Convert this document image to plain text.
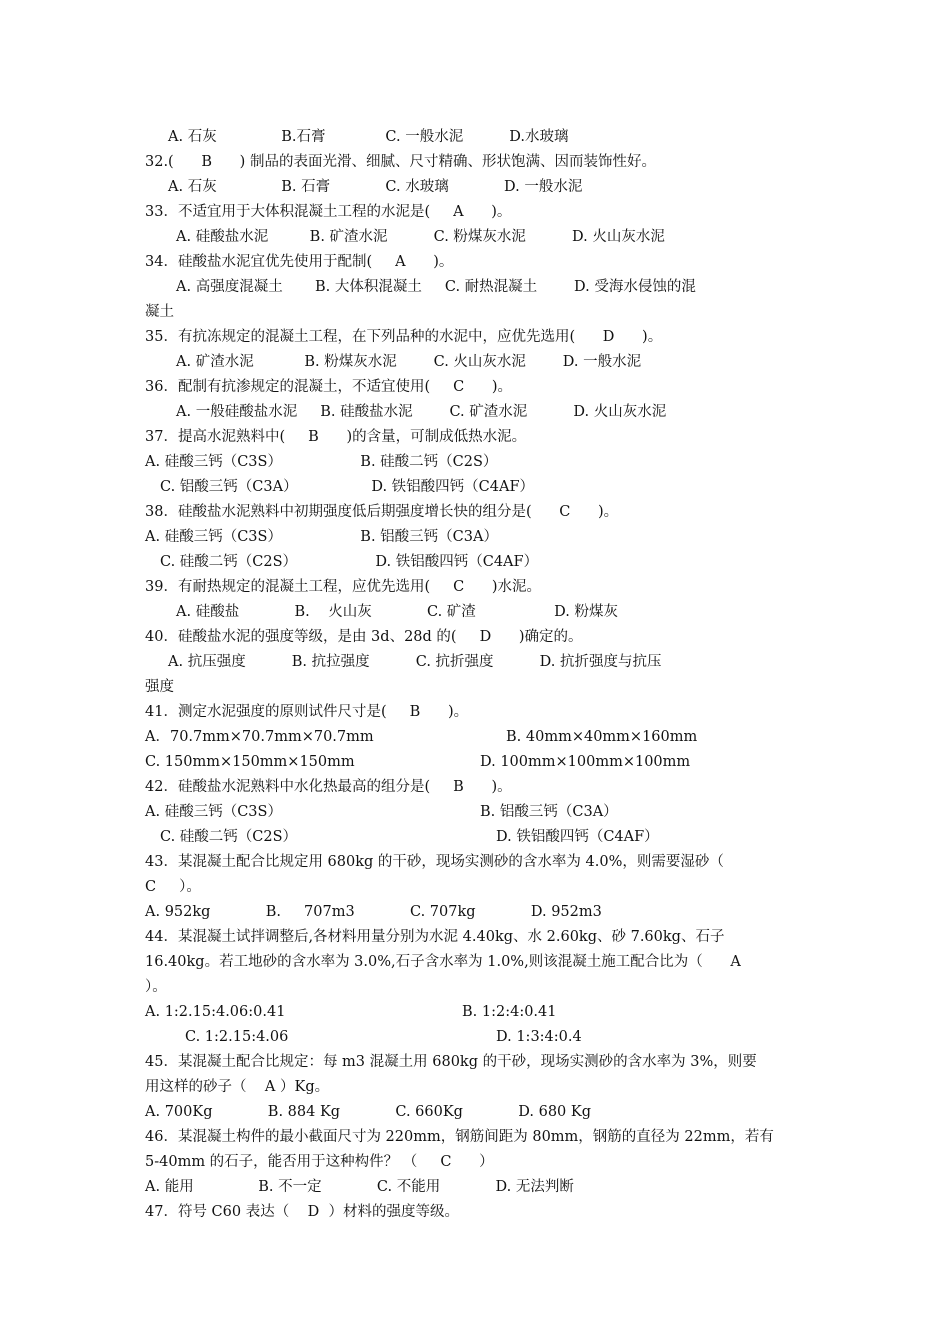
A. 石灰              B.石膏             C. 一般水泥          D.水玻璃

32.(      B      ) 制品的表面光滑、细腻、尺寸精确、形状饱满、因而装饰性好。

A. 石灰              B. 石膏            C. 水玻璃            D. 一般水泥

33．不适宜用于大体积混凝土工程的水泥是(     A      )。

A. 硅酸盐水泥         B. 矿渣水泥          C. 粉煤灰水泥          D. 火山灰水泥

34．硅酸盐水泥宜优先使用于配制(     A      )。

A. 高强度混凝土       B. 大体积混凝土     C. 耐热混凝土        D. 受海水侵蚀的混

凝土

35．有抗冻规定的混凝土工程，在下列品种的水泥中，应优先选用(      D      )。

A. 矿渣水泥           B. 粉煤灰水泥        C. 火山灰水泥        D. 一般水泥

36．配制有抗渗规定的混凝土，不适宜使用(     C      )。

A. 一般硅酸盐水泥     B. 硅酸盐水泥        C. 矿渣水泥          D. 火山灰水泥

37．提高水泥熟料中(     B      )的含量，可制成低热水泥。

A. 硅酸三钙（C3S）                 B. 硅酸二钙（C2S）

C. 铝酸三钙（C3A）                D. 铁铝酸四钙（C4AF）

38．硅酸盐水泥熟料中初期强度低后期强度增长快的组分是(      C      )。

A. 硅酸三钙（C3S）                 B. 铝酸三钙（C3A）

C. 硅酸二钙（C2S）                 D. 铁铝酸四钙（C4AF）

39．有耐热规定的混凝土工程，应优先选用(     C      )水泥。

A. 硅酸盐            B.    火山灰            C. 矿渣                 D. 粉煤灰

40．硅酸盐水泥的强度等级，是由 3d、28d 的(     D      )确定的。

A. 抗压强度          B. 抗拉强度          C. 抗折强度          D. 抗折强度与抗压

强度

41．测定水泥强度的原则试件尺寸是(     B      )。

A．70.7mm×70.7mm×70.7mm	B. 40mm×40mm×160mm

C. 150mm×150mm×150mm	D. 100mm×100mm×100mm

42．硅酸盐水泥熟料中水化热最高的组分是(     B      )。

A. 硅酸三钙（C3S）	B. 铝酸三钙（C3A）

C. 硅酸二钙（C2S）	D. 铁铝酸四钙（C4AF）

43．某混凝土配合比规定用 680kg 的干砂，现场实测砂的含水率为 4.0%，则需要湿砂（

C     ）。

A. 952kg            B.     707m3            C. 707kg            D. 952m3

44．某混凝土试拌调整后,各材料用量分别为水泥 4.40kg、水 2.60kg、砂 7.60kg、石子

16.40kg。若工地砂的含水率为 3.0%,石子含水率为 1.0%,则该混凝土施工配合比为（      A

）。

A. 1:2.15:4.06:0.41	B. 1:2:4:0.41

C. 1:2.15:4.06	D. 1:3:4:0.4

45．某混凝土配合比规定：每 m3 混凝土用 680kg 的干砂，现场实测砂的含水率为 3%，则要

用这样的砂子（    A ）Kg。

A. 700Kg            B. 884 Kg            C. 660Kg            D. 680 Kg

46．某混凝土构件的最小截面尺寸为 220mm，钢筋间距为 80mm，钢筋的直径为 22mm，若有

5-40mm 的石子，能否用于这种构件？ （     C      ）

A. 能用              B. 不一定            C. 不能用            D. 无法判断

47．符号 C60 表达（    D  ）材料的强度等级。
